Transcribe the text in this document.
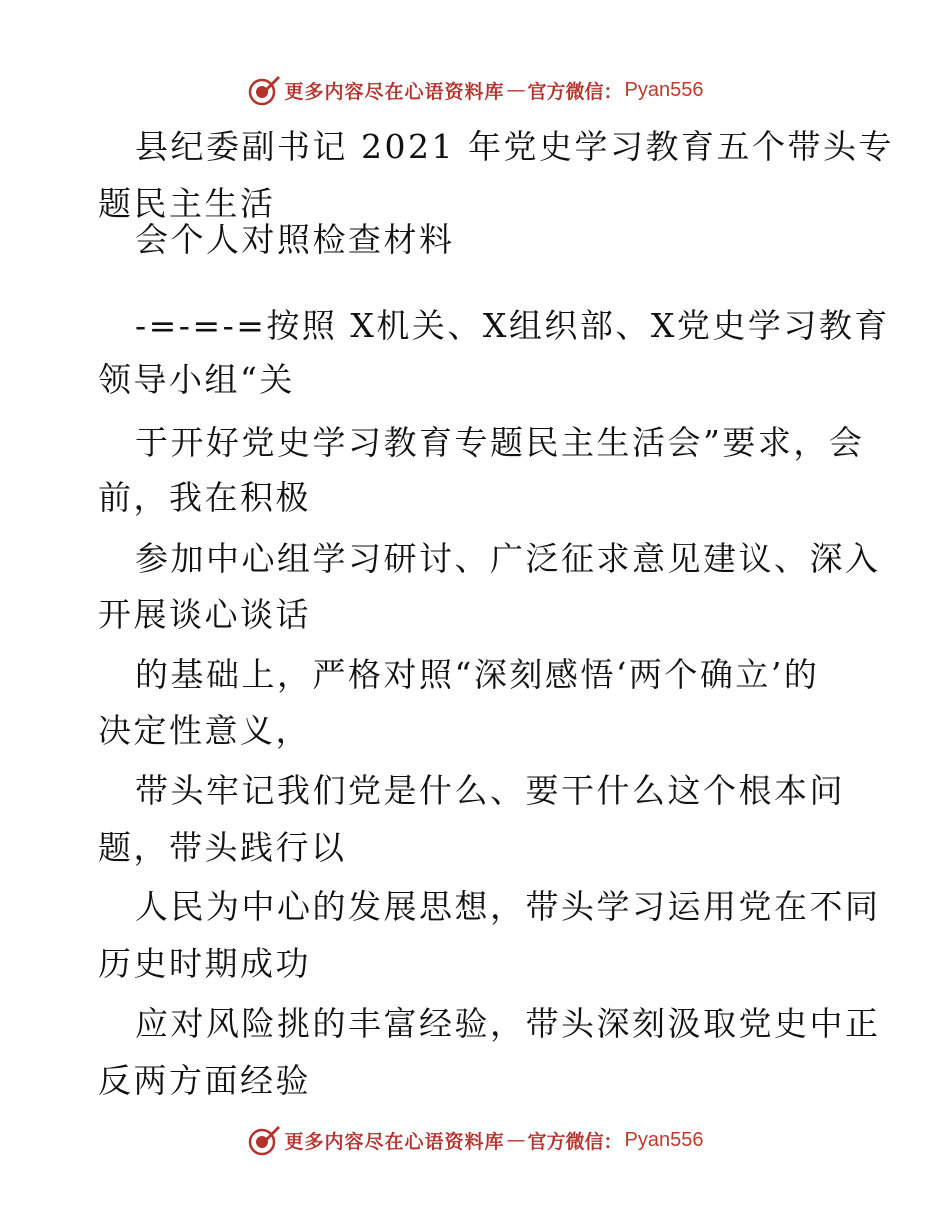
更多内容尽在心语资料库 — 官方微信： Pyan556
县纪委副书记 2021 年党史学习教育五个带头专
题民主生活
会个人对照检查材料
-=-=-=按照 X机关、X组织部、X党史学习教育
领导小组“关
于开好党史学习教育专题民主生活会”要求，会
前，我在积极
参加中心组学习研讨、广泛征求意见建议、深入
开展谈心谈话
的基础上，严格对照“深刻感悟‘两个确立’的
决定性意义，
带头牢记我们党是什么、要干什么这个根本问
题，带头践行以
人民为中心的发展思想，带头学习运用党在不同
历史时期成功
应对风险挑的丰富经验，带头深刻汲取党史中正
反两方面经验
更多内容尽在心语资料库 — 官方微信： Pyan556
